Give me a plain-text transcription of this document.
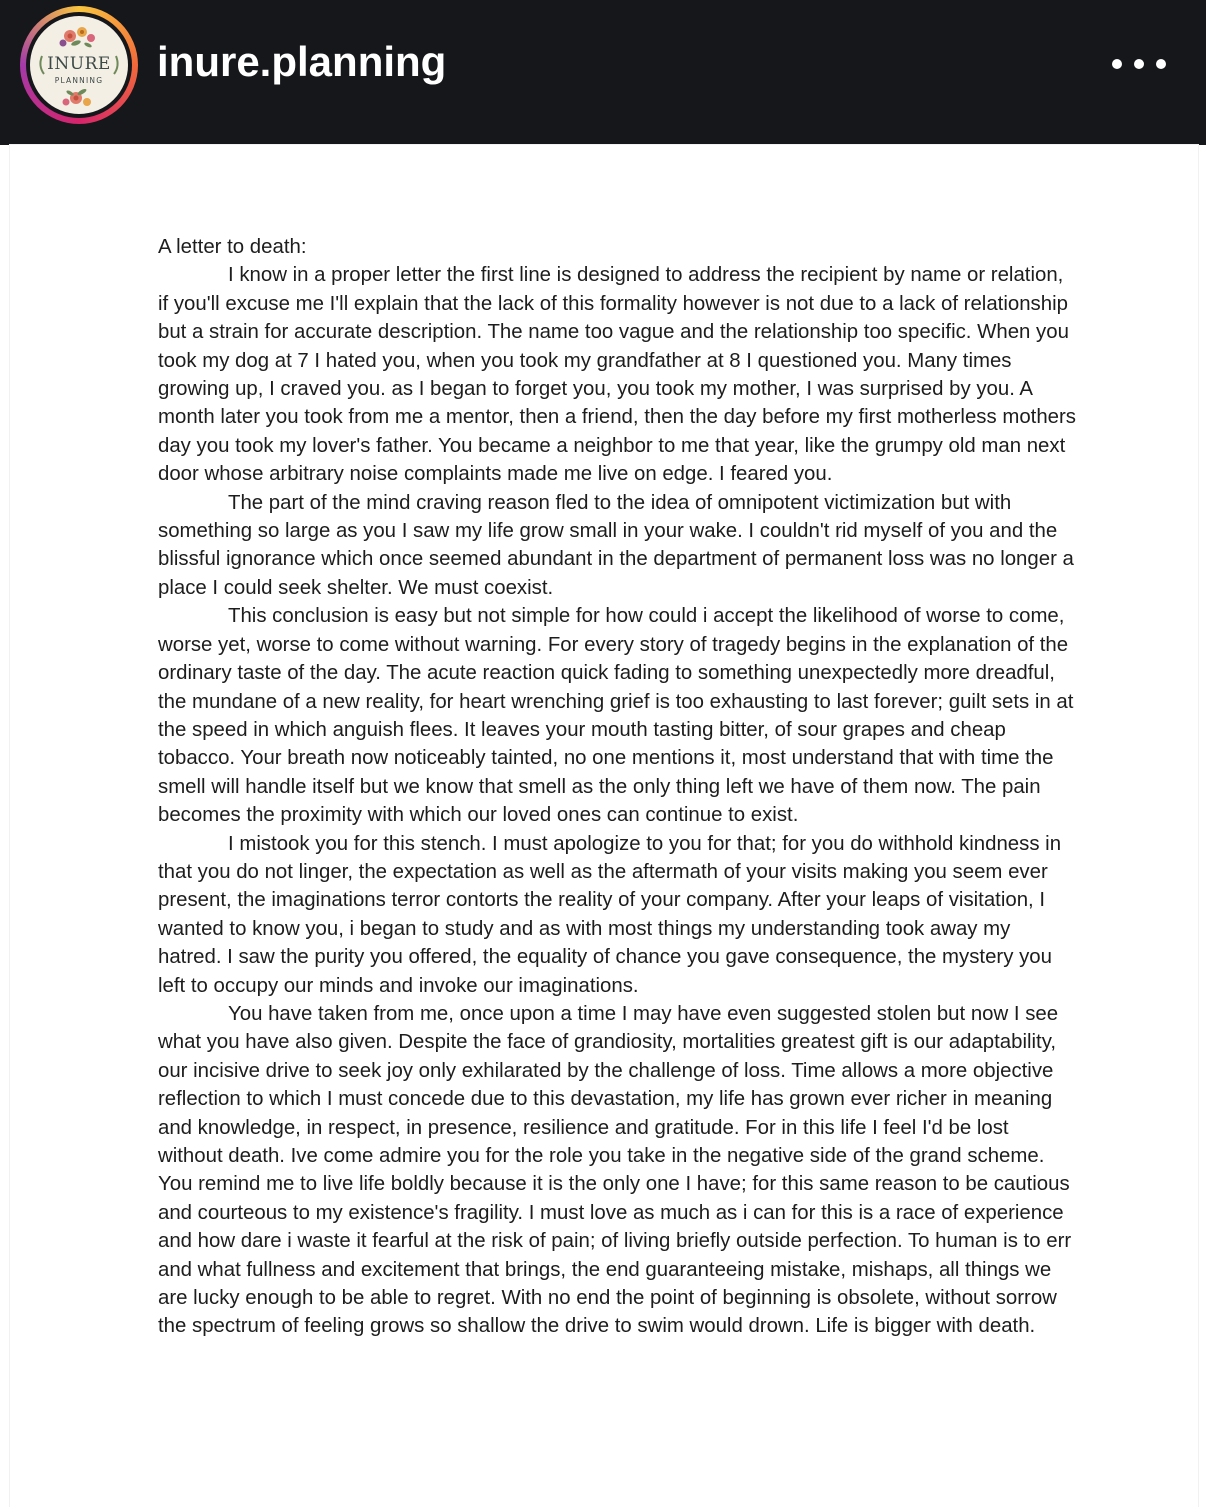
INURE
PLANNING	inure.planning

A letter to death:

I know in a proper letter the first line is designed to address the recipient by name or relation, if you'll excuse me I'll explain that the lack of this formality however is not due to a lack of relationship but a strain for accurate description. The name too vague and the relationship too specific. When you took my dog at 7 I hated you, when you took my grandfather at 8 I questioned you. Many times growing up, I craved you. as I began to forget you, you took my mother, I was surprised by you. A month later you took from me a mentor, then a friend, then the day before my first motherless mothers day you took my lover's father. You became a neighbor to me that year, like the grumpy old man next door whose arbitrary noise complaints made me live on edge. I feared you.

The part of the mind craving reason fled to the idea of omnipotent victimization but with something so large as you I saw my life grow small in your wake. I couldn't rid myself of you and the blissful ignorance which once seemed abundant in the department of permanent loss was no longer a place I could seek shelter. We must coexist.

This conclusion is easy but not simple for how could i accept the likelihood of worse to come, worse yet, worse to come without warning. For every story of tragedy begins in the explanation of the ordinary taste of the day. The acute reaction quick fading to something unexpectedly more dreadful, the mundane of a new reality, for heart wrenching grief is too exhausting to last forever; guilt sets in at the speed in which anguish flees. It leaves your mouth tasting bitter, of sour grapes and cheap tobacco. Your breath now noticeably tainted, no one mentions it, most understand that with time the smell will handle itself but we know that smell as the only thing left we have of them now. The pain becomes the proximity with which our loved ones can continue to exist.

I mistook you for this stench. I must apologize to you for that; for you do withhold kindness in that you do not linger, the expectation as well as the aftermath of your visits making you seem ever present, the imaginations terror contorts the reality of your company. After your leaps of visitation, I wanted to know you, i began to study and as with most things my understanding took away my hatred. I saw the purity you offered, the equality of chance you gave consequence, the mystery you left to occupy our minds and invoke our imaginations.

You have taken from me, once upon a time I may have even suggested stolen but now I see what you have also given. Despite the face of grandiosity, mortalities greatest gift is our adaptability, our incisive drive to seek joy only exhilarated by the challenge of loss. Time allows a more objective reflection to which I must concede due to this devastation, my life has grown ever richer in meaning and knowledge, in respect, in presence, resilience and gratitude. For in this life I feel I'd be lost without death. Ive come admire you for the role you take in the negative side of the grand scheme. You remind me to live life boldly because it is the only one I have; for this same reason to be cautious and courteous to my existence's fragility. I must love as much as i can for this is a race of experience and how dare i waste it fearful at the risk of pain; of living briefly outside perfection. To human is to err and what fullness and excitement that brings, the end guaranteeing mistake, mishaps, all things we are lucky enough to be able to regret. With no end the point of beginning is obsolete, without sorrow the spectrum of feeling grows so shallow the drive to swim would drown. Life is bigger with death.
